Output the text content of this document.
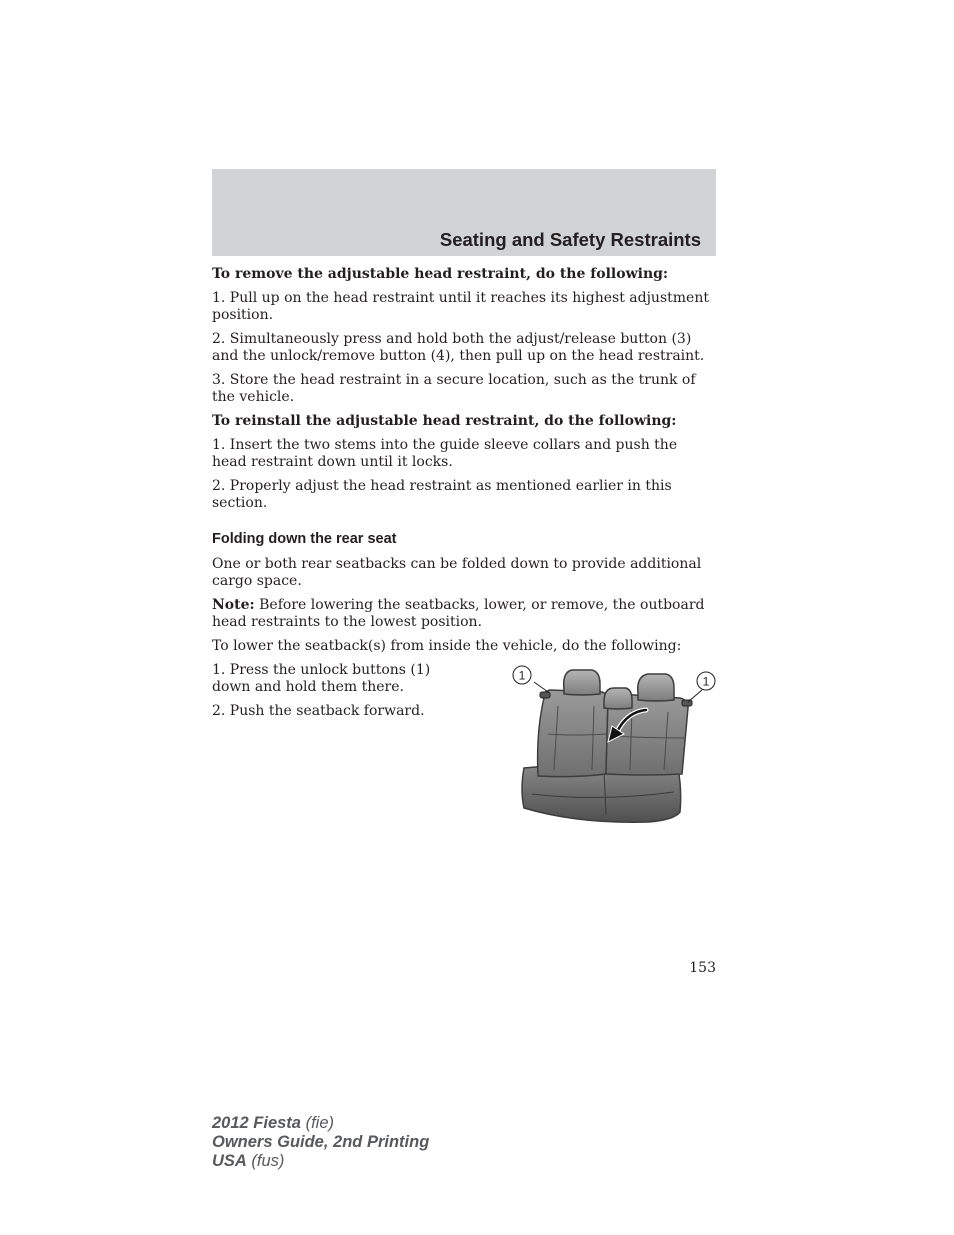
Seating and Safety Restraints

To remove the adjustable head restraint, do the following:

1. Pull up on the head restraint until it reaches its highest adjustment position.

2. Simultaneously press and hold both the adjust/release button (3) and the unlock/remove button (4), then pull up on the head restraint.

3. Store the head restraint in a secure location, such as the trunk of the vehicle.

To reinstall the adjustable head restraint, do the following:

1. Insert the two stems into the guide sleeve collars and push the head restraint down until it locks.

2. Properly adjust the head restraint as mentioned earlier in this section.

Folding down the rear seat

One or both rear seatbacks can be folded down to provide additional cargo space.

Note: Before lowering the seatbacks, lower, or remove, the outboard head restraints to the lowest position.

To lower the seatback(s) from inside the vehicle, do the following:

1. Press the unlock buttons (1) down and hold them there.

2. Push the seatback forward.

1	1
153
2012 Fiesta (fie)
Owners Guide, 2nd Printing
USA (fus)
